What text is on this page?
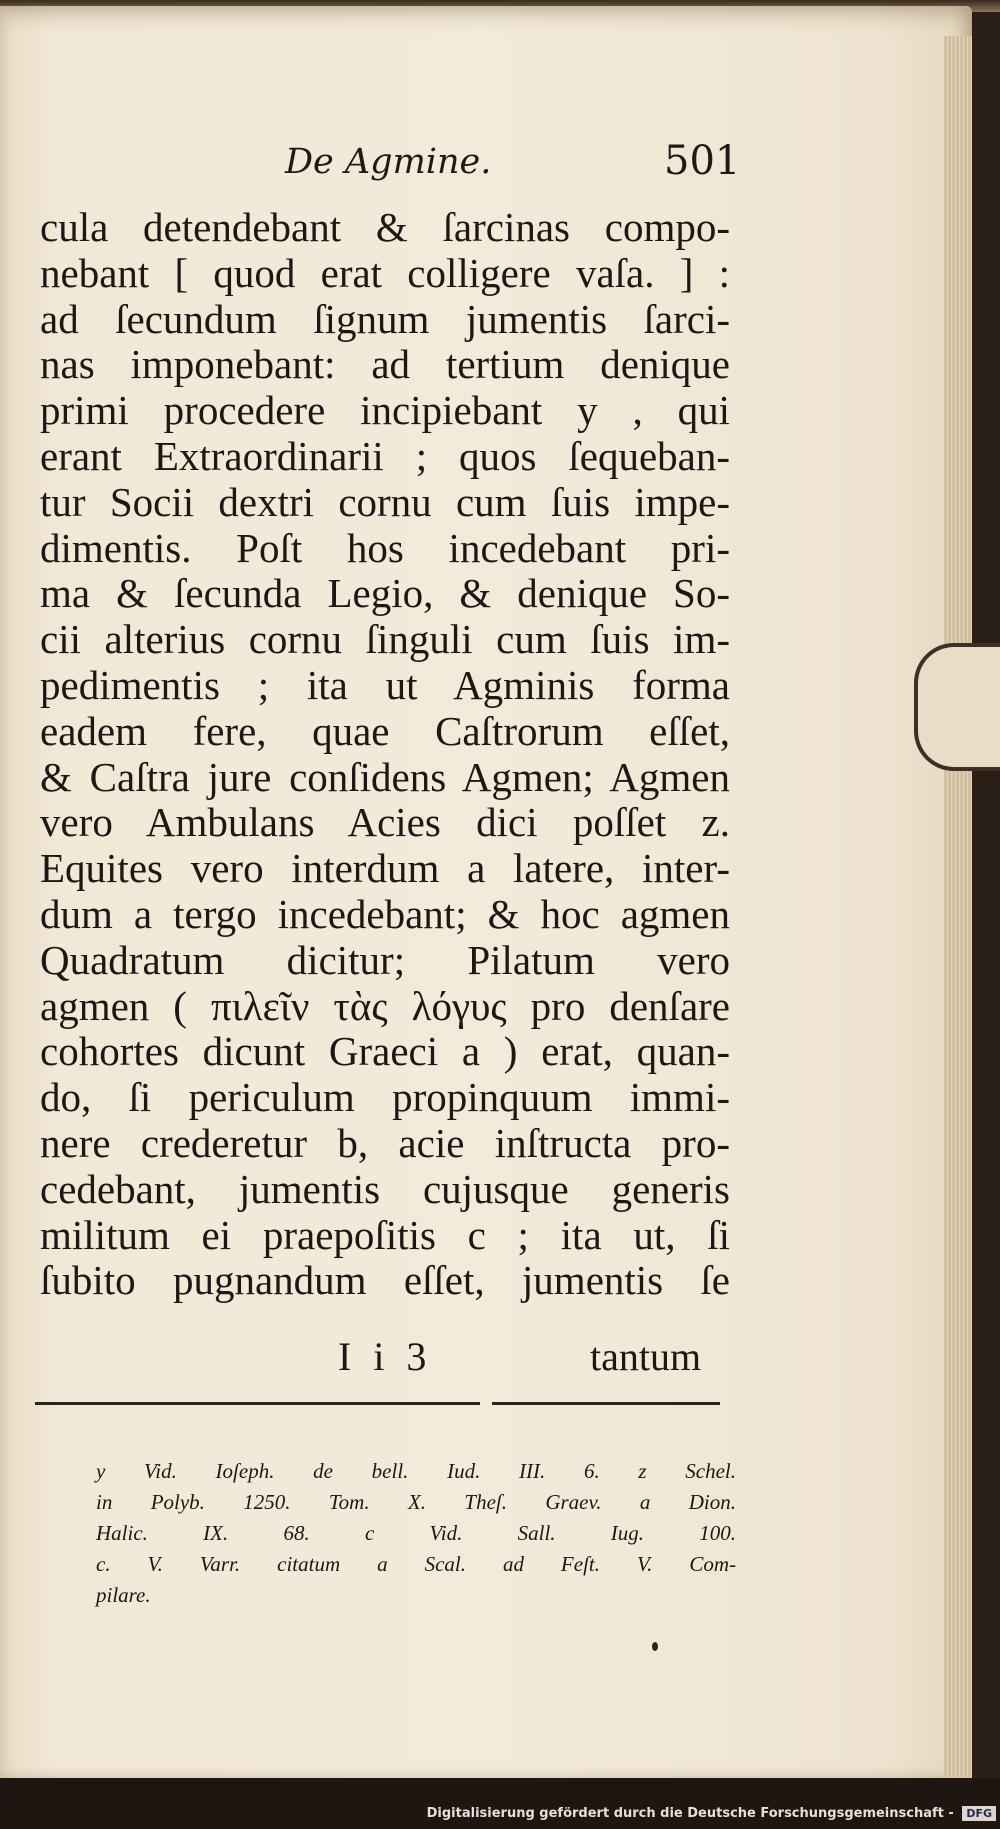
De Agmine.	501
cula detendebant & ſarcinas compo-
nebant [ quod erat colligere vaſa. ] :
ad ſecundum ſignum jumentis ſarci-
nas imponebant: ad tertium denique
primi procedere incipiebant y , qui
erant Extraordinarii ; quos ſequeban-
tur Socii dextri cornu cum ſuis impe-
dimentis. Poſt hos incedebant pri-
ma & ſecunda Legio, & denique So-
cii alterius cornu ſinguli cum ſuis im-
pedimentis ; ita ut Agminis forma
eadem fere, quae Caſtrorum eſſet,
& Caſtra jure conſidens Agmen; Agmen
vero Ambulans Acies dici poſſet z.
Equites vero interdum a latere, inter-
dum a tergo incedebant; & hoc agmen
Quadratum dicitur; Pilatum vero
agmen ( πιλεῖν τὰς λόγυς pro denſare
cohortes dicunt Graeci a ) erat, quan-
do, ſi periculum propinquum immi-
nere crederetur b, acie inſtructa pro-
cedebant, jumentis cujusque generis
militum ei praepoſitis c ; ita ut, ſi
ſubito pugnandum eſſet, jumentis ſe
I i 3	tantum
y Vid. Ioſeph. de bell. Iud. III. 6. z Schel.
in Polyb. 1250. Tom. X. Theſ. Graev. a Dion.
Halic. IX. 68. c Vid. Sall. Iug. 100.
c. V. Varr. citatum a Scal. ad Feſt. V. Com-
pilare.
Digitalisierung gefördert durch die Deutsche Forschungsgemeinschaft - DFG
